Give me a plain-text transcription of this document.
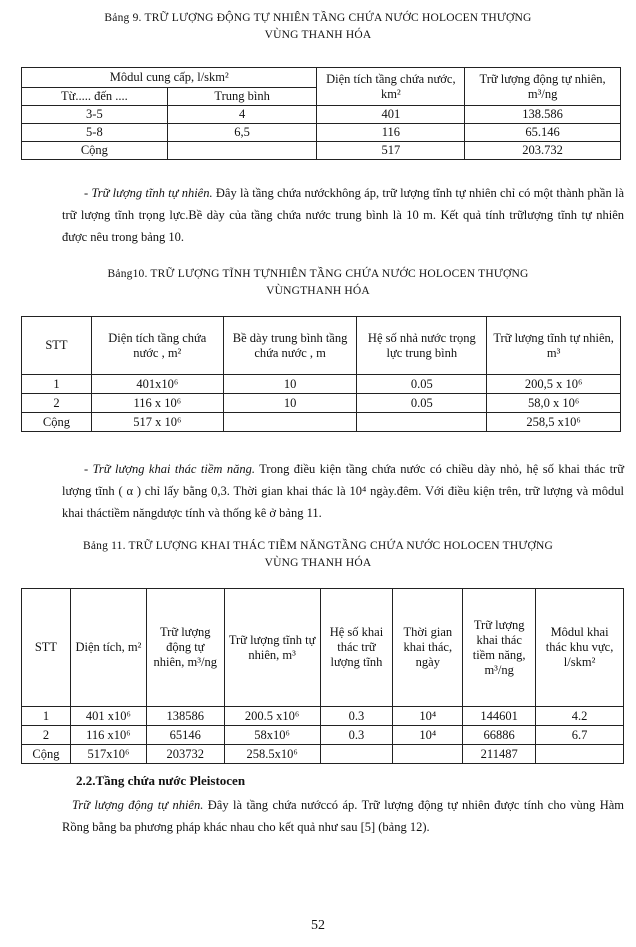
Bảng 9. TRỮ LƯỢNG ĐỘNG TỰ NHIÊN TẦNG CHỨA NƯỚC HOLOCEN THƯỢNG
VÙNG THANH HÓA
Môdul cung cấp, l/skm²		Diện tích tầng chứa nước, km²	Trữ lượng động tự nhiên, m³/ng
Từ..... đến ....	Trung bình		
3-5	4	401	138.586
5-8	6,5	116	65.146
Cộng		517	203.732
- Trữ lượng tĩnh tự nhiên. Đây là tầng chứa nướckhông áp, trữ lượng tĩnh tự nhiên chỉ có một thành phần là trữ lượng tĩnh trọng lực.Bề dày của tầng chứa nước trung bình là 10 m. Kết quả tính trữlượng tĩnh tự nhiên được nêu trong bảng 10.
Bảng10. TRỮ LƯỢNG TĨNH TỰNHIÊN TẦNG CHỨA NƯỚC HOLOCEN THƯỢNG
VÙNGTHANH HÓA
STT	Diện tích tầng chứa nước , m²	Bề dày trung bình tầng chứa nước , m	Hệ số nhả nước trọng lực trung bình	Trữ lượng tĩnh tự nhiên, m³
1	401x10⁶	10	0.05	200,5 x 10⁶
2	116 x 10⁶	10	0.05	58,0 x 10⁶
Cộng	517 x 10⁶			258,5 x10⁶
- Trữ lượng khai thác tiềm năng. Trong điều kiện tầng chứa nước có chiều dày nhỏ, hệ số khai thác trữ lượng tĩnh ( α ) chỉ lấy bằng 0,3. Thời gian khai thác là 10⁴ ngày.đêm. Với điều kiện trên, trữ lượng và môdul khai tháctiềm năngdược tính và thống kê ở bảng 11.
Bảng 11. TRỮ LƯỢNG KHAI THÁC TIỀM NĂNGTẦNG CHỨA NƯỚC HOLOCEN THƯỢNG
VÙNG THANH HÓA
STT	Diện tích, m²	Trữ lượng động tự nhiên, m³/ng	Trữ lượng tĩnh tự nhiên, m³	Hệ số khai thác trữ lượng tĩnh	Thời gian khai thác, ngày	Trữ lượng khai thác tiềm năng, m³/ng	Môdul khai thác khu vực, l/skm²
1	401 x10⁶	138586	200.5 x10⁶	0.3	10⁴	144601	4.2
2	116 x10⁶	65146	58x10⁶	0.3	10⁴	66886	6.7
Cộng	517x10⁶	203732	258.5x10⁶			211487	
2.2.Tầng chứa nước Pleistocen
Trữ lượng động tự nhiên. Đây là tầng chứa nướccó áp. Trữ lượng động tự nhiên được tính cho vùng Hàm Rồng bằng ba phương pháp khác nhau cho kết quả như sau [5] (bảng 12).
52
